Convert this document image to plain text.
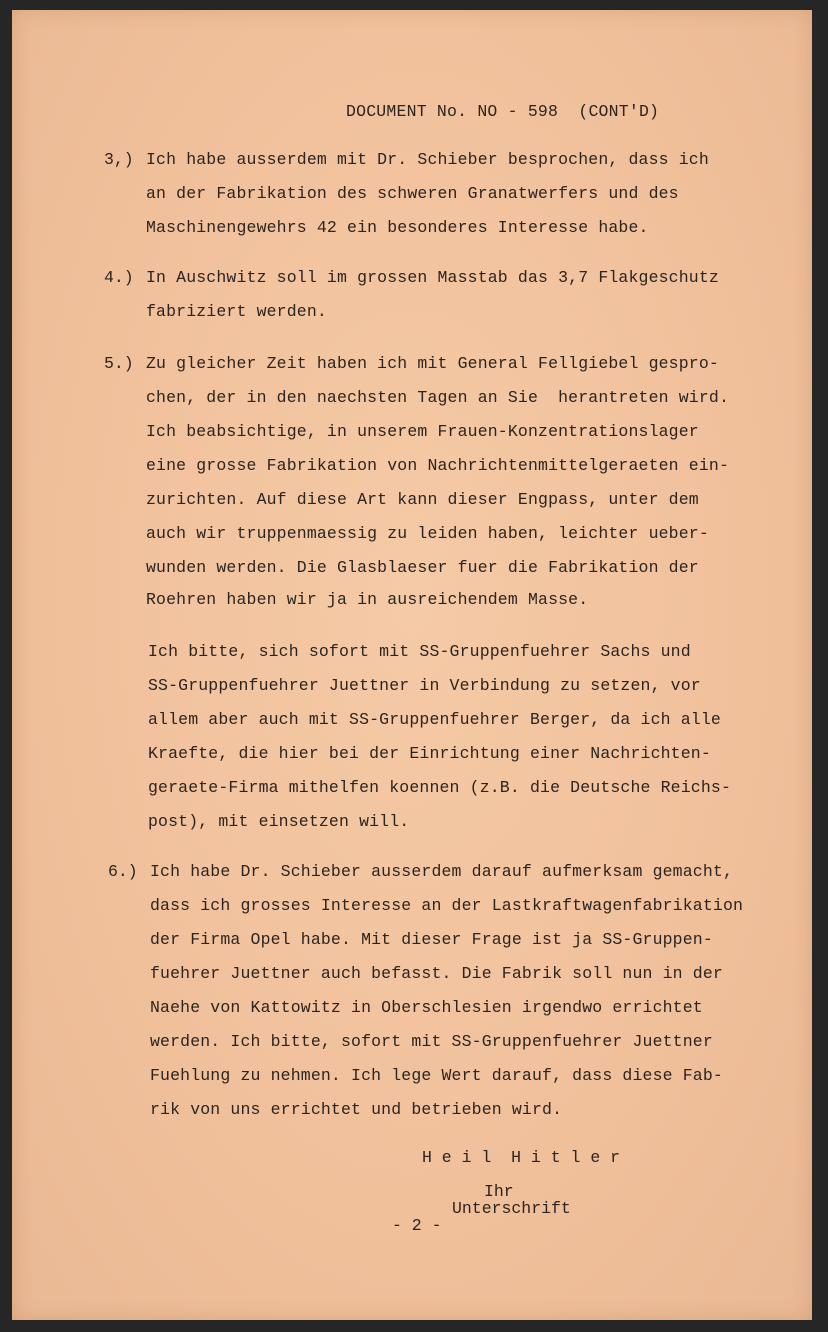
DOCUMENT No. NO - 598  (CONT'D)
3,) Ich habe ausserdem mit Dr. Schieber besprochen, dass ich
an der Fabrikation des schweren Granatwerfers und des
Maschinengewehrs 42 ein besonderes Interesse habe.
4.) In Auschwitz soll im grossen Masstab das 3,7 Flakgeschutz
fabriziert werden.
5.) Zu gleicher Zeit haben ich mit General Fellgiebel gespro-
chen, der in den naechsten Tagen an Sie  herantreten wird.
Ich beabsichtige, in unserem Frauen-Konzentrationslager
eine grosse Fabrikation von Nachrichtenmittelgeraeten ein-
zurichten. Auf diese Art kann dieser Engpass, unter dem
auch wir truppenmaessig zu leiden haben, leichter ueber-
wunden werden. Die Glasblaeser fuer die Fabrikation der
Roehren haben wir ja in ausreichendem Masse.
Ich bitte, sich sofort mit SS-Gruppenfuehrer Sachs und
SS-Gruppenfuehrer Juettner in Verbindung zu setzen, vor
allem aber auch mit SS-Gruppenfuehrer Berger, da ich alle
Kraefte, die hier bei der Einrichtung einer Nachrichten-
geraete-Firma mithelfen koennen (z.B. die Deutsche Reichs-
post), mit einsetzen will.
6.) Ich habe Dr. Schieber ausserdem darauf aufmerksam gemacht,
dass ich grosses Interesse an der Lastkraftwagenfabrikation
der Firma Opel habe. Mit dieser Frage ist ja SS-Gruppen-
fuehrer Juettner auch befasst. Die Fabrik soll nun in der
Naehe von Kattowitz in Oberschlesien irgendwo errichtet
werden. Ich bitte, sofort mit SS-Gruppenfuehrer Juettner
Fuehlung zu nehmen. Ich lege Wert darauf, dass diese Fab-
rik von uns errichtet und betrieben wird.
H e i l  H i t l e r
Ihr
Unterschrift
- 2 -
